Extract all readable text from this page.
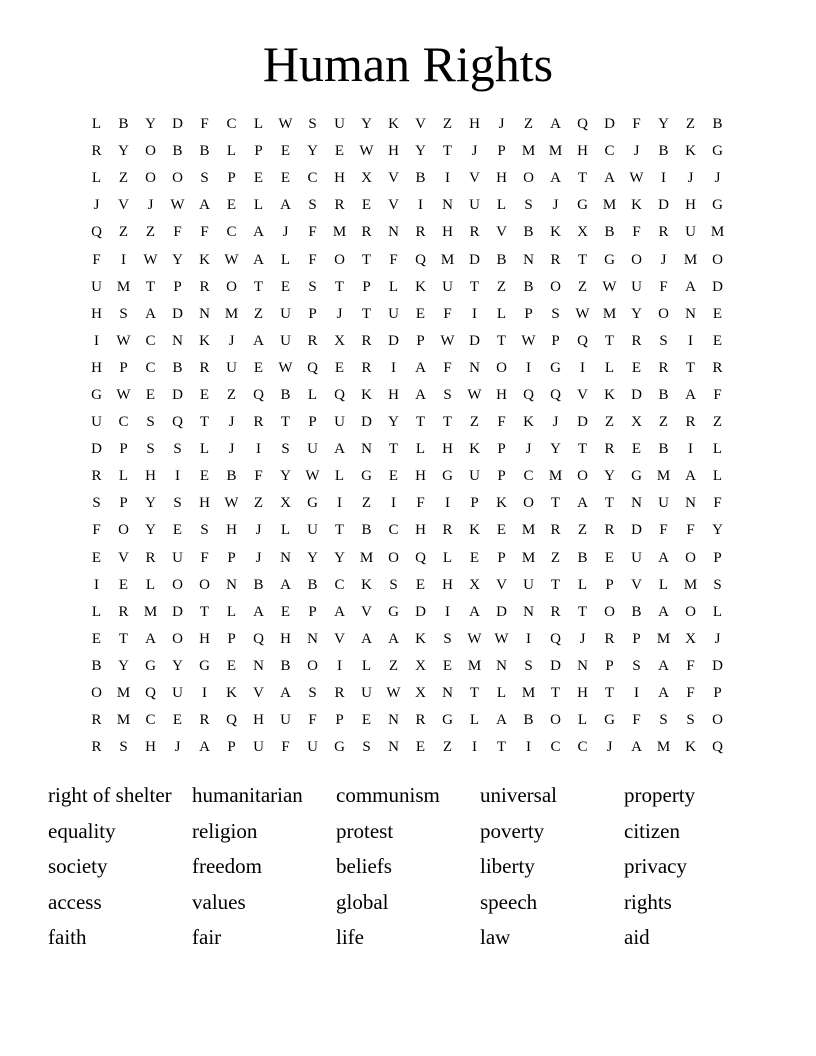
Human Rights
L	B	Y	D	F	C	L	W	S	U	Y	K	V	Z	H	J	Z	A	Q	D	F	Y	Z	B
R	Y	O	B	B	L	P	E	Y	E	W	H	Y	T	J	P	M	M	H	C	J	B	K	G
L	Z	O	O	S	P	E	E	C	H	X	V	B	I	V	H	O	A	T	A	W	I	J	J
J	V	J	W	A	E	L	A	S	R	E	V	I	N	U	L	S	J	G	M	K	D	H	G
Q	Z	Z	F	F	C	A	J	F	M	R	N	R	H	R	V	B	K	X	B	F	R	U	M
F	I	W	Y	K	W	A	L	F	O	T	F	Q	M	D	B	N	R	T	G	O	J	M	O
U	M	T	P	R	O	T	E	S	T	P	L	K	U	T	Z	B	O	Z	W	U	F	A	D
H	S	A	D	N	M	Z	U	P	J	T	U	E	F	I	L	P	S	W	M	Y	O	N	E
I	W	C	N	K	J	A	U	R	X	R	D	P	W	D	T	W	P	Q	T	R	S	I	E
H	P	C	B	R	U	E	W	Q	E	R	I	A	F	N	O	I	G	I	L	E	R	T	R
G	W	E	D	E	Z	Q	B	L	Q	K	H	A	S	W	H	Q	Q	V	K	D	B	A	F
U	C	S	Q	T	J	R	T	P	U	D	Y	T	T	Z	F	K	J	D	Z	X	Z	R	Z
D	P	S	S	L	J	I	S	U	A	N	T	L	H	K	P	J	Y	T	R	E	B	I	L
R	L	H	I	E	B	F	Y	W	L	G	E	H	G	U	P	C	M	O	Y	G	M	A	L
S	P	Y	S	H	W	Z	X	G	I	Z	I	F	I	P	K	O	T	A	T	N	U	N	F
F	O	Y	E	S	H	J	L	U	T	B	C	H	R	K	E	M	R	Z	R	D	F	F	Y
E	V	R	U	F	P	J	N	Y	Y	M	O	Q	L	E	P	M	Z	B	E	U	A	O	P
I	E	L	O	O	N	B	A	B	C	K	S	E	H	X	V	U	T	L	P	V	L	M	S
L	R	M	D	T	L	A	E	P	A	V	G	D	I	A	D	N	R	T	O	B	A	O	L
E	T	A	O	H	P	Q	H	N	V	A	A	K	S	W	W	I	Q	J	R	P	M	X	J
B	Y	G	Y	G	E	N	B	O	I	L	Z	X	E	M	N	S	D	N	P	S	A	F	D
O	M	Q	U	I	K	V	A	S	R	U	W	X	N	T	L	M	T	H	T	I	A	F	P
R	M	C	E	R	Q	H	U	F	P	E	N	R	G	L	A	B	O	L	G	F	S	S	O
R	S	H	J	A	P	U	F	U	G	S	N	E	Z	I	T	I	C	C	J	A	M	K	Q
right of shelter	humanitarian	communism	universal	property
equality	religion	protest	poverty	citizen
society	freedom	beliefs	liberty	privacy
access	values	global	speech	rights
faith	fair	life	law	aid
